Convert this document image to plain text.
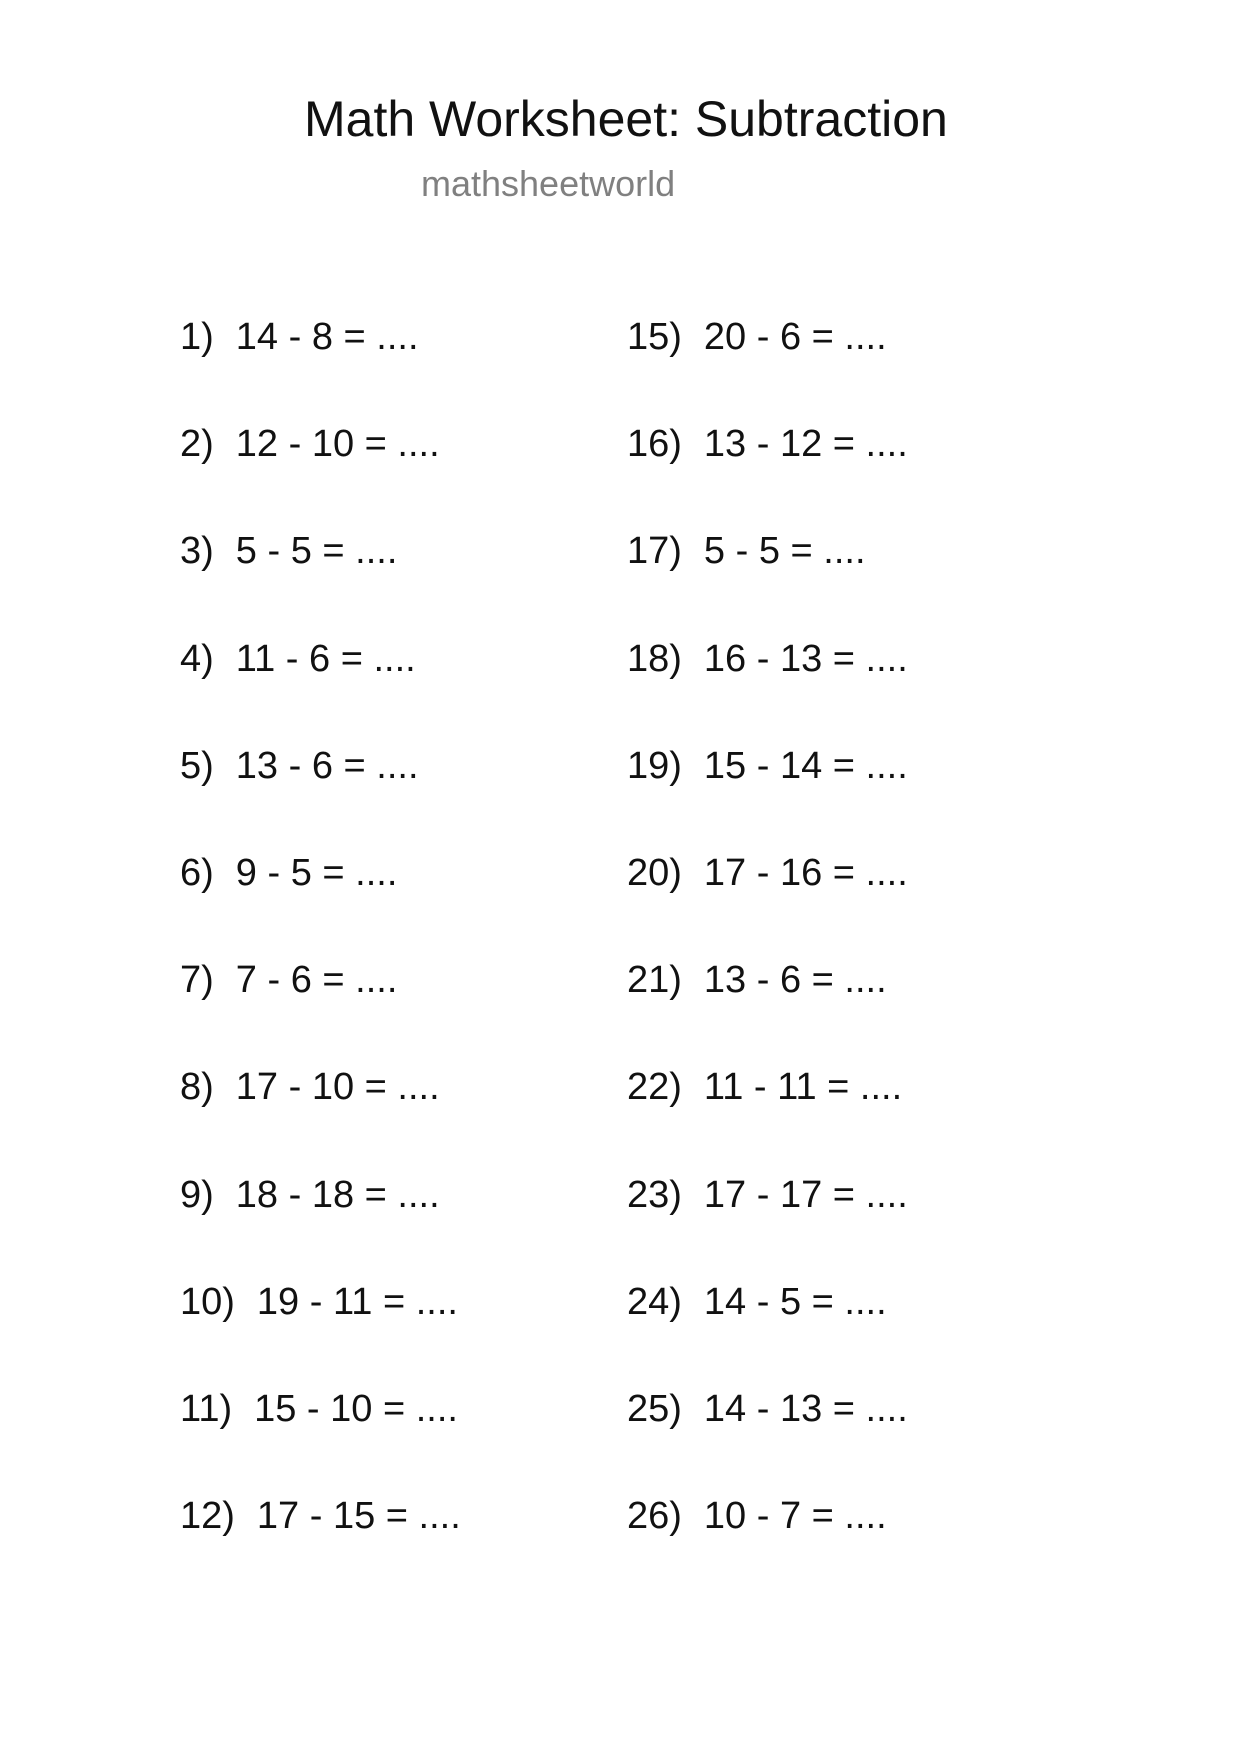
Math Worksheet: Subtraction
mathsheetworld
1) 14 - 8 = ....
2) 12 - 10 = ....
3) 5 - 5 = ....
4) 11 - 6 = ....
5) 13 - 6 = ....
6) 9 - 5 = ....
7) 7 - 6 = ....
8) 17 - 10 = ....
9) 18 - 18 = ....
10) 19 - 11 = ....
11) 15 - 10 = ....
12) 17 - 15 = ....
15) 20 - 6 = ....
16) 13 - 12 = ....
17) 5 - 5 = ....
18) 16 - 13 = ....
19) 15 - 14 = ....
20) 17 - 16 = ....
21) 13 - 6 = ....
22) 11 - 11 = ....
23) 17 - 17 = ....
24) 14 - 5 = ....
25) 14 - 13 = ....
26) 10 - 7 = ....
